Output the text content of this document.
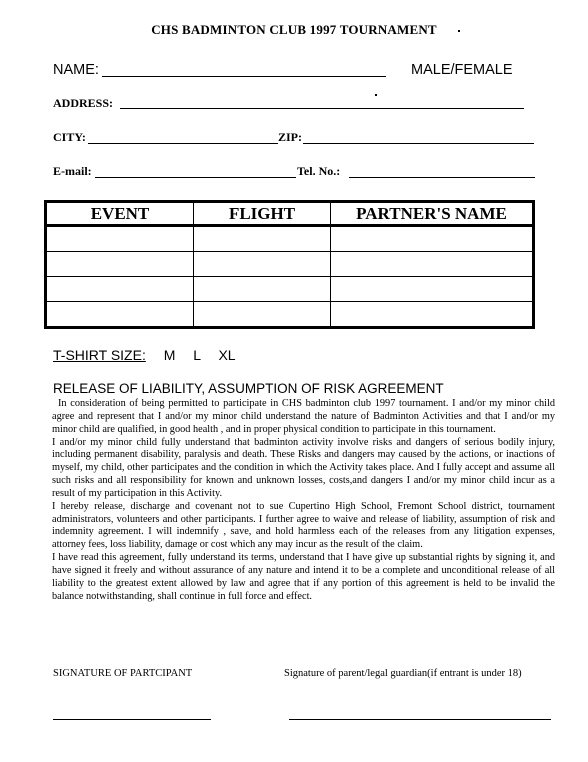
CHS BADMINTON CLUB 1997 TOURNAMENT
NAME:	MALE/FEMALE
ADDRESS:
CITY:	ZIP:
E-mail:	Tel. No.:
EVENT	FLIGHT	PARTNER'S NAME

T-SHIRT SIZE: M L XL
RELEASE OF LIABILITY, ASSUMPTION OF RISK AGREEMENT

In consideration of being permitted to participate in CHS badminton club 1997 tournament. I and/or my minor child agree and represent that I and/or my minor child understand the nature of Badminton Activities and that I and/or my minor child are qualified, in good health , and in proper physical condition to participate in this tournament.

I and/or my minor child fully understand that badminton activity involve risks and dangers of serious bodily injury, including permanent disability, paralysis and death. These Risks and dangers may caused by the actions, or inactions of myself, my child, other participates and the condition in which the Activity takes place. And I fully accept and assume all such risks and all responsibility for known and unknown losses, costs,and dangers I and/or my minor child incur as a result of my participation in this Activity.

I hereby release, discharge and covenant not to sue Cupertino High School, Fremont School district, tournament administrators, volunteers and other participants. I further agree to waive and release of liability, assumption of risk and indemnity agreement. I will indemnify , save, and hold harmless each of the releases from any litigation expenses, attorney fees, loss liability, damage or cost which any may incur as the result of the claim.

I have read this agreement, fully understand its terms, understand that I have give up substantial rights by signing it, and have signed it freely and without assurance of any nature and intend it to be a complete and unconditional release of all liability to the greatest extent allowed by law and agree that if any portion of this agreement is held to be invalid the balance notwithstanding, shall continue in full force and effect.

SIGNATURE OF PARTCIPANT	Signature of parent/legal guardian(if entrant is under 18)
